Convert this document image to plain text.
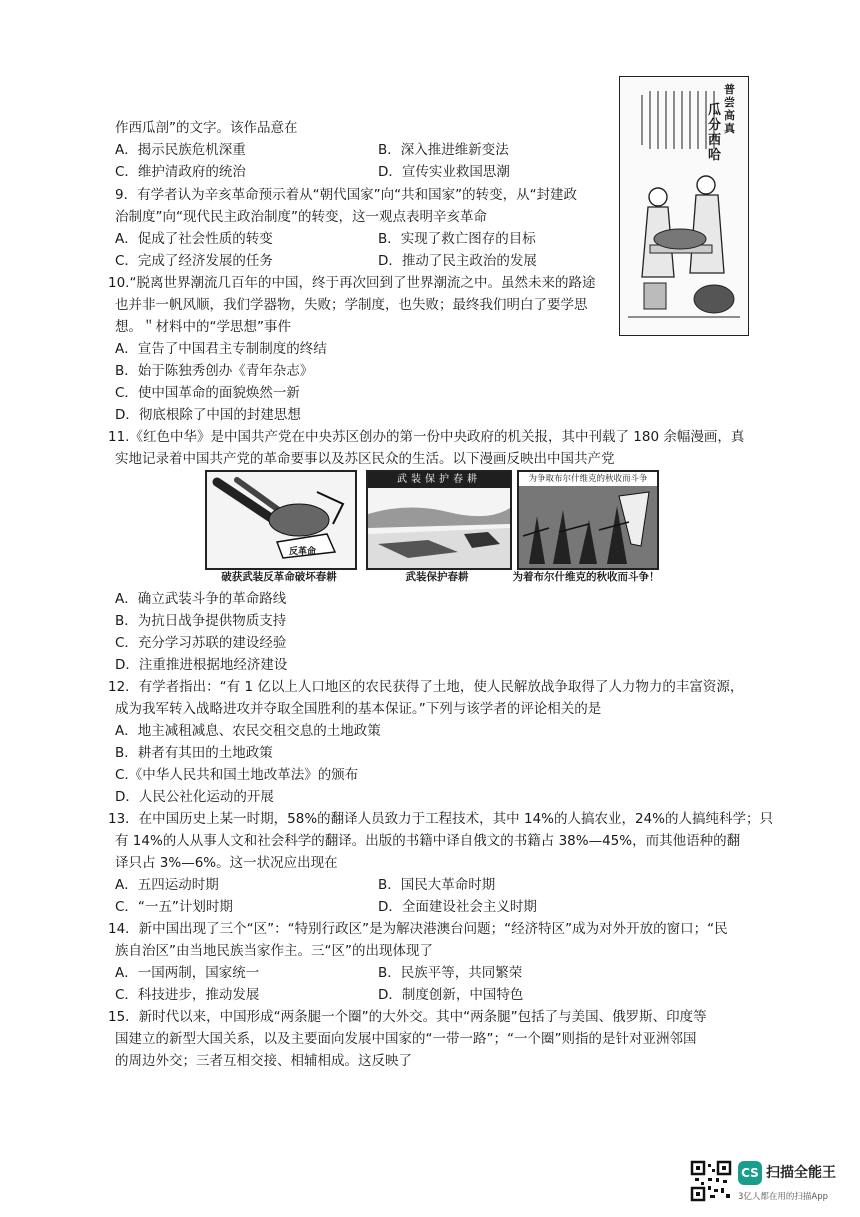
作西瓜剖”的文字。该作品意在
A．揭示民族危机深重	B．深入推进维新变法
C．维护清政府的统治	D．宣传实业救国思潮
普尝高真
瓜分西哈
9．有学者认为辛亥革命预示着从“朝代国家”向“共和国家”的转变，从“封建政
治制度”向“现代民主政治制度”的转变，这一观点表明辛亥革命
A．促成了社会性质的转变	B．实现了救亡图存的目标
C．完成了经济发展的任务	D．推动了民主政治的发展
10.“脱离世界潮流几百年的中国，终于再次回到了世界潮流之中。虽然未来的路途
也并非一帆风顺，我们学器物，失败；学制度，也失败；最终我们明白了要学思
想。＂材料中的“学思想”事件
A．宣告了中国君主专制制度的终结
B．始于陈独秀创办《青年杂志》
C．使中国革命的面貌焕然一新
D．彻底根除了中国的封建思想
11.《红色中华》是中国共产党在中央苏区创办的第一份中央政府的机关报，其中刊载了 180 余幅漫画，真
实地记录着中国共产党的革命要事以及苏区民众的生活。以下漫画反映出中国共产党
反革命
破获武装反革命破坏春耕
武装保护春耕
武装保护春耕
为争取布尔什维克的秋收而斗争
为着布尔什维克的秋收而斗争！
A．确立武装斗争的革命路线
B．为抗日战争提供物质支持
C．充分学习苏联的建设经验
D．注重推进根据地经济建设
12．有学者指出：“有 1 亿以上人口地区的农民获得了土地，使人民解放战争取得了人力物力的丰富资源，
成为我军转入战略进攻并夺取全国胜利的基本保证。”下列与该学者的评论相关的是
A．地主减租减息、农民交租交息的土地政策
B．耕者有其田的土地政策
C.《中华人民共和国土地改革法》的颁布
D．人民公社化运动的开展
13．在中国历史上某一时期，58%的翻译人员致力于工程技术，其中 14%的人搞农业，24%的人搞纯科学；只
有 14%的人从事人文和社会科学的翻译。出版的书籍中译自俄文的书籍占 38%—45%，而其他语种的翻
译只占 3%—6%。这一状况应出现在
A．五四运动时期	B．国民大革命时期
C．“一五”计划时期	D．全面建设社会主义时期
14．新中国出现了三个“区”：“特别行政区”是为解决港澳台问题；“经济特区”成为对外开放的窗口；“民
族自治区”由当地民族当家作主。三“区”的出现体现了
A．一国两制，国家统一	B．民族平等，共同繁荣
C．科技进步，推动发展	D．制度创新，中国特色
15．新时代以来，中国形成“两条腿一个圈”的大外交。其中“两条腿”包括了与美国、俄罗斯、印度等
国建立的新型大国关系，以及主要面向发展中国家的“一带一路”；“一个圈”则指的是针对亚洲邻国
的周边外交；三者互相交接、相辅相成。这反映了
CS 扫描全能王
3亿人都在用的扫描App
